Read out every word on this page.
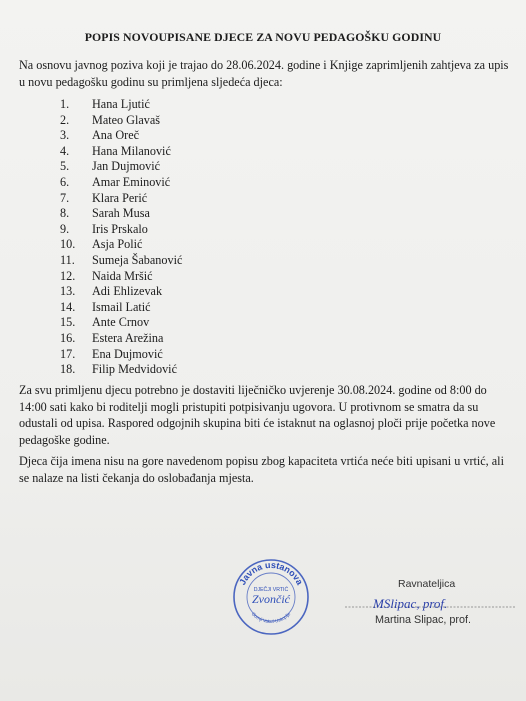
POPIS NOVOUPISANE DJECE ZA NOVU PEDAGOŠKU GODINU
Na osnovu javnog poziva koji je trajao do 28.06.2024. godine i Knjige zaprimljenih zahtjeva za upis u novu pedagošku godinu su primljena sljedeća djeca:
1.	Hana Ljutić
2.	Mateo Glavaš
3.	Ana Oreč
4.	Hana Milanović
5.	Jan Dujmović
6.	Amar Eminović
7.	Klara Perić
8.	Sarah Musa
9.	Iris Prskalo
10.	Asja Polić
11.	Sumeja Šabanović
12.	Naida Mršić
13.	Adi Ehlizevak
14.	Ismail Latić
15.	Ante Crnov
16.	Estera Arežina
17.	Ena Dujmović
18.	Filip Medvidović
Za svu primljenu djecu potrebno je dostaviti liječničko uvjerenje 30.08.2024. godine od 8:00 do 14:00 sati kako bi roditelji mogli pristupiti potpisivanju ugovora. U protivnom se smatra da su odustali od upisa. Raspored odgojnih skupina biti će istaknut na oglasnoj ploči prije početka nove pedagoške godine.
Djeca čija imena nisu na gore navedenom popisu zbog kapaciteta vrtića neće biti upisani u vrtić, ali se nalaze na listi čekanja do oslobađanja mjesta.
Javna ustanova
DJEČJI VRTIĆ
Zvončić
Gornji Vakuf-Uskoplje
Ravnateljica
MSlipac, prof.
Martina Slipac, prof.
